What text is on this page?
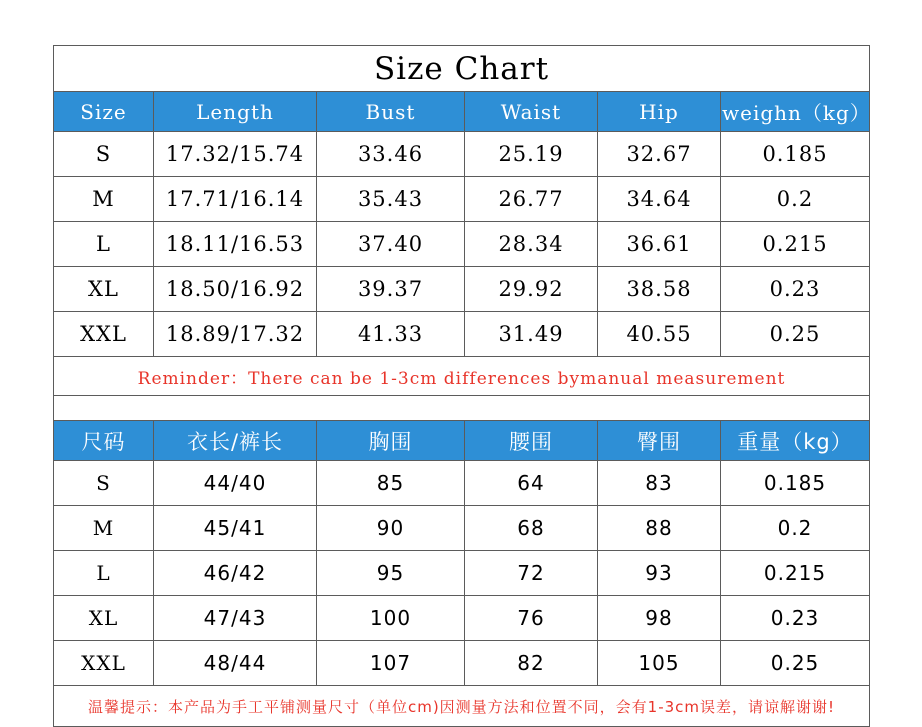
Size Chart					
Size	Length	Bust	Waist	Hip	weighn（kg）
S	17.32/15.74	33.46	25.19	32.67	0.185
M	17.71/16.14	35.43	26.77	34.64	0.2
L	18.11/16.53	37.40	28.34	36.61	0.215
XL	18.50/16.92	39.37	29.92	38.58	0.23
XXL	18.89/17.32	41.33	31.49	40.55	0.25
Reminder：There can be 1-3cm differences bymanual measurement					

尺码	衣长/裤长	胸围	腰围	臀围	重量（kg）
S	44/40	85	64	83	0.185
M	45/41	90	68	88	0.2
L	46/42	95	72	93	0.215
XL	47/43	100	76	98	0.23
XXL	48/44	107	82	105	0.25
温馨提示：本产品为手工平铺测量尺寸（单位cm)因测量方法和位置不同，会有1-3cm误差，请谅解谢谢!					
